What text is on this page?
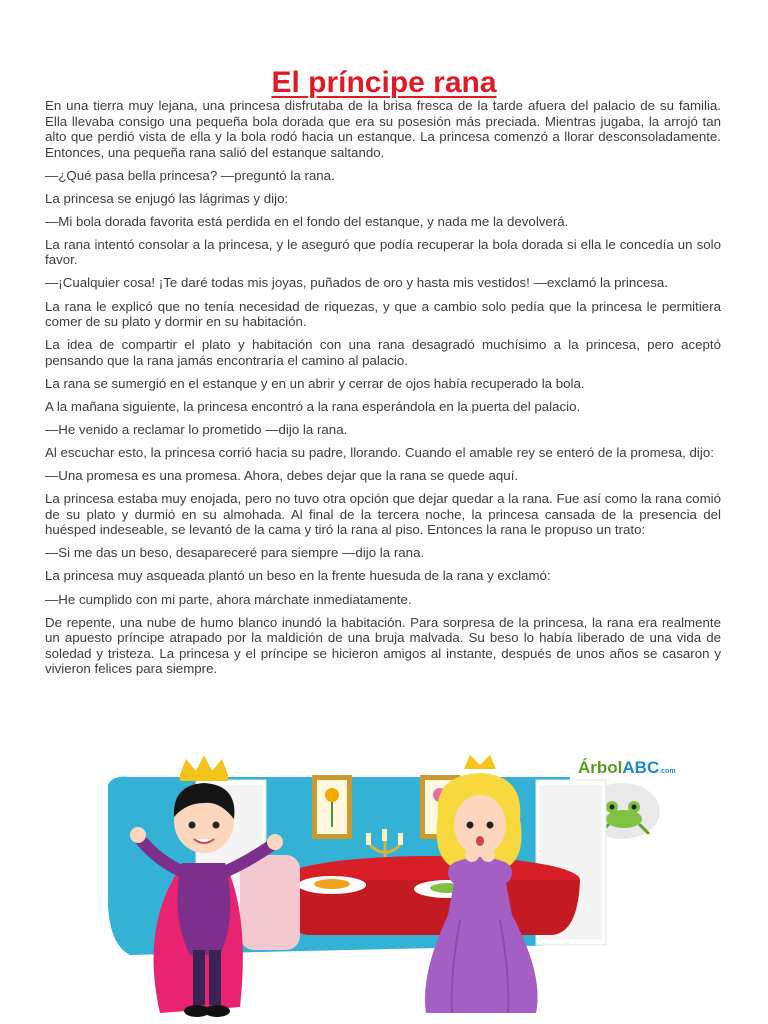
El príncipe rana

En una tierra muy lejana, una princesa disfrutaba de la brisa fresca de la tarde afuera del palacio de su familia. Ella llevaba consigo una pequeña bola dorada que era su posesión más preciada. Mientras jugaba, la arrojó tan alto que perdió vista de ella y la bola rodó hacia un estanque. La princesa comenzó a llorar desconsoladamente. Entonces, una pequeña rana salió del estanque saltando.

—¿Qué pasa bella princesa? —preguntó la rana.

La princesa se enjugó las lágrimas y dijo:

—Mi bola dorada favorita está perdida en el fondo del estanque, y nada me la devolverá.

La rana intentó consolar a la princesa, y le aseguró que podía recuperar la bola dorada si ella le concedía un solo favor.

—¡Cualquier cosa! ¡Te daré todas mis joyas, puñados de oro y hasta mis vestidos! —exclamó la princesa.

La rana le explicó que no tenía necesidad de riquezas, y que a cambio solo pedía que la princesa le permitiera comer de su plato y dormir en su habitación.

La idea de compartir el plato y habitación con una rana desagradó muchísimo a la princesa, pero aceptó pensando que la rana jamás encontraría el camino al palacio.

La rana se sumergió en el estanque y en un abrir y cerrar de ojos había recuperado la bola.

A la mañana siguiente, la princesa encontró a la rana esperándola en la puerta del palacio.

—He venido a reclamar lo prometido —dijo la rana.

Al escuchar esto, la princesa corrió hacia su padre, llorando. Cuando el amable rey se enteró de la promesa, dijo:

—Una promesa es una promesa. Ahora, debes dejar que la rana se quede aquí.

La princesa estaba muy enojada, pero no tuvo otra opción que dejar quedar a la rana. Fue así como la rana comió de su plato y durmió en su almohada. Al final de la tercera noche, la princesa cansada de la presencia del huésped indeseable, se levantó de la cama y tiró la rana al piso. Entonces la rana le propuso un trato:

—Si me das un beso, desapareceré para siempre —dijo la rana.

La princesa muy asqueada plantó un beso en la frente huesuda de la rana y exclamó:

—He cumplido con mi parte, ahora márchate inmediatamente.

De repente, una nube de humo blanco inundó la habitación. Para sorpresa de la princesa, la rana era realmente un apuesto príncipe atrapado por la maldición de una bruja malvada. Su beso lo había liberado de una vida de soledad y tristeza. La princesa y el príncipe se hicieron amigos al instante, después de unos años se casaron y vivieron felices para siempre.

ÁrbolABC.com
